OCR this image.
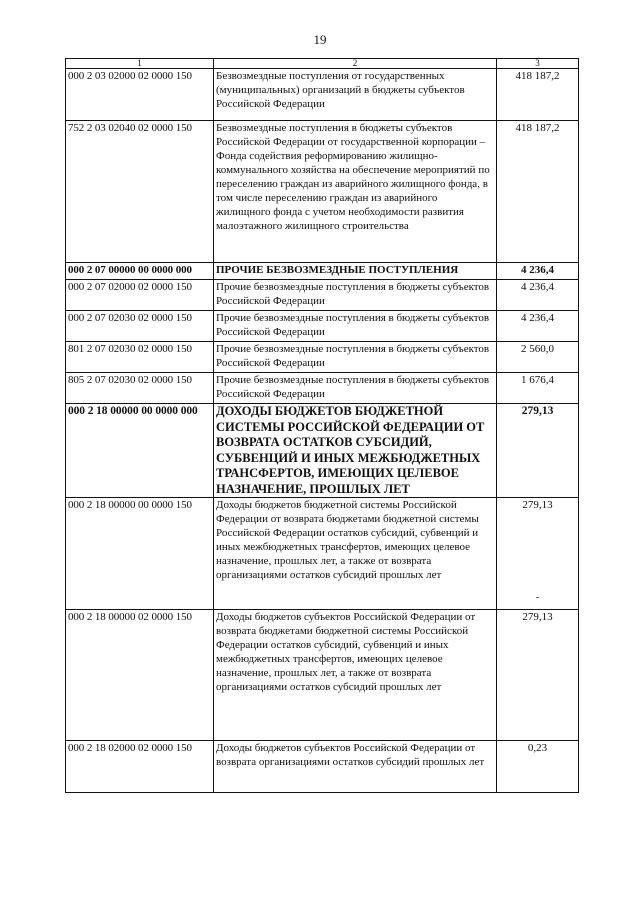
19
1	2	3
000 2 03 02000 02 0000 150	Безвозмездные поступления от государственных (муниципальных) организаций в бюджеты субъектов Российской Федерации	418 187,2
752 2 03 02040 02 0000 150	Безвозмездные поступления в бюджеты субъектов Российской Федерации от государственной корпорации – Фонда содействия реформированию жилищно-коммунального хозяйства на обеспечение мероприятий по переселению граждан из аварийного жилищного фонда, в том числе переселению граждан из аварийного жилищного фонда с учетом необходимости развития малоэтажного жилищного строительства	418 187,2
000 2 07 00000 00 0000 000	ПРОЧИЕ БЕЗВОЗМЕЗДНЫЕ ПОСТУПЛЕНИЯ	4 236,4
000 2 07 02000 02 0000 150	Прочие безвозмездные поступления в бюджеты субъектов Российской Федерации	4 236,4
000 2 07 02030 02 0000 150	Прочие безвозмездные поступления в бюджеты субъектов Российской Федерации	4 236,4
801 2 07 02030 02 0000 150	Прочие безвозмездные поступления в бюджеты субъектов Российской Федерации	2 560,0
805 2 07 02030 02 0000 150	Прочие безвозмездные поступления в бюджеты субъектов Российской Федерации	1 676,4
000 2 18 00000 00 0000 000	ДОХОДЫ БЮДЖЕТОВ БЮДЖЕТНОЙ СИСТЕМЫ РОССИЙСКОЙ ФЕДЕРАЦИИ ОТ ВОЗВРАТА ОСТАТКОВ СУБСИДИЙ, СУБВЕНЦИЙ И ИНЫХ МЕЖБЮДЖЕТНЫХ ТРАНСФЕРТОВ, ИМЕЮЩИХ ЦЕЛЕВОЕ НАЗНАЧЕНИЕ, ПРОШЛЫХ ЛЕТ	279,13
000 2 18 00000 00 0000 150	Доходы бюджетов бюджетной системы Российской Федерации от возврата бюджетами бюджетной системы Российской Федерации остатков субсидий, субвенций и иных межбюджетных трансфертов, имеющих целевое назначение, прошлых лет, а также от возврата организациями остатков субсидий прошлых лет	279,13
-

000 2 18 00000 02 0000 150	Доходы бюджетов субъектов Российской Федерации от возврата бюджетами бюджетной системы Российской Федерации остатков субсидий, субвенций и иных межбюджетных трансфертов, имеющих целевое назначение, прошлых лет, а также от возврата организациями остатков субсидий прошлых лет	279,13
000 2 18 02000 02 0000 150	Доходы бюджетов субъектов Российской Федерации от возврата организациями остатков субсидий прошлых лет	0,23
